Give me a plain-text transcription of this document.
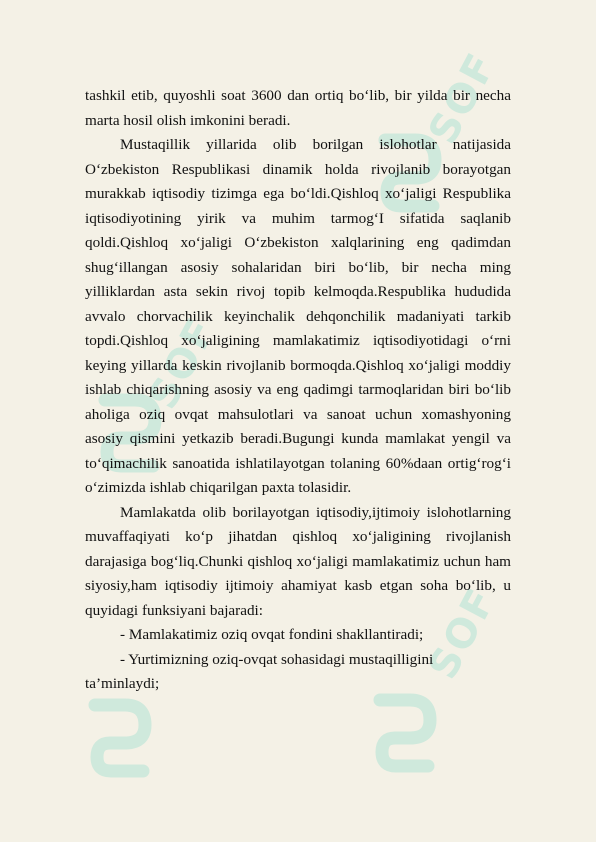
SOF
SOF
SOF

tashkil etib, quyoshli soat 3600 dan ortiq bo‘lib, bir yilda bir necha marta hosil olish imkonini beradi.

Mustaqillik yillarida olib borilgan islohotlar natijasida O‘zbekiston Respublikasi dinamik holda rivojlanib borayotgan murakkab iqtisodiy tizimga ega bo‘ldi.Qishloq xo‘jaligi Respublika iqtisodiyotining yirik va muhim tarmog‘I sifatida saqlanib qoldi.Qishloq xo‘jaligi O‘zbekiston xalqlarining eng qadimdan shug‘illangan asosiy sohalaridan biri bo‘lib, bir necha ming yilliklardan asta sekin rivoj topib kelmoqda.Respublika hududida avvalo chorvachilik keyinchalik dehqonchilik madaniyati tarkib topdi.Qishloq xo‘jaligining mamlakatimiz iqtisodiyotidagi o‘rni keying yillarda keskin rivojlanib bormoqda.Qishloq xo‘jaligi moddiy ishlab chiqarishning asosiy va eng qadimgi tarmoqlaridan biri bo‘lib aholiga oziq ovqat mahsulotlari va sanoat uchun xomashyoning asosiy qismini yetkazib beradi.Bugungi kunda mamlakat yengil va to‘qimachilik sanoatida ishlatilayotgan tolaning 60%daan ortig‘rog‘i o‘zimizda ishlab chiqarilgan paxta tolasidir.

Mamlakatda olib borilayotgan iqtisodiy,ijtimoiy islohotlarning muvaffaqiyati ko‘p jihatdan qishloq xo‘jaligining rivojlanish darajasiga bog‘liq.Chunki qishloq xo‘jaligi mamlakatimiz uchun ham siyosiy,ham iqtisodiy ijtimoiy ahamiyat kasb etgan soha bo‘lib, u quyidagi funksiyani bajaradi:

- Mamlakatimiz oziq ovqat fondini shakllantiradi;

- Yurtimizning oziq-ovqat sohasidagi mustaqilligini ta’minlaydi;
